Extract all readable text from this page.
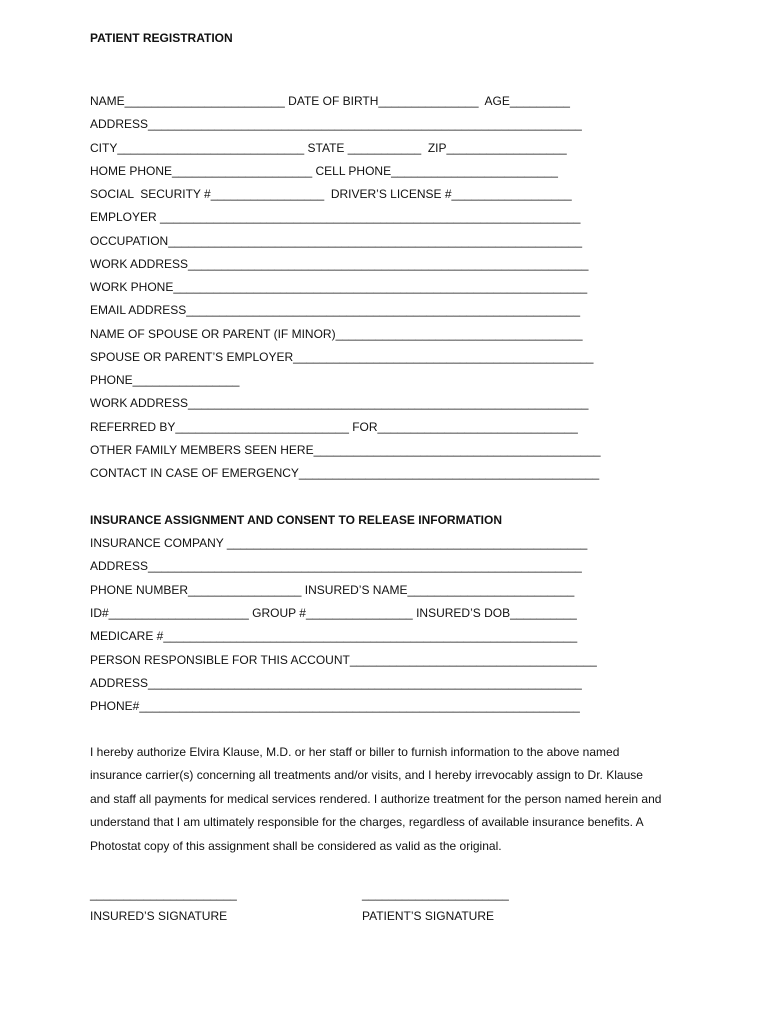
PATIENT REGISTRATION
NAME________________________ DATE OF BIRTH_______________  AGE_________
ADDRESS_________________________________________________________________
CITY____________________________ STATE ___________  ZIP__________________
HOME PHONE_____________________ CELL PHONE_________________________
SOCIAL  SECURITY #_________________  DRIVER’S LICENSE #__________________
EMPLOYER _______________________________________________________________
OCCUPATION______________________________________________________________
WORK ADDRESS____________________________________________________________
WORK PHONE______________________________________________________________
EMAIL ADDRESS___________________________________________________________
NAME OF SPOUSE OR PARENT (IF MINOR)_____________________________________
SPOUSE OR PARENT’S EMPLOYER_____________________________________________
PHONE________________
WORK ADDRESS____________________________________________________________
REFERRED BY__________________________ FOR______________________________
OTHER FAMILY MEMBERS SEEN HERE___________________________________________
CONTACT IN CASE OF EMERGENCY_____________________________________________
INSURANCE ASSIGNMENT AND CONSENT TO RELEASE INFORMATION
INSURANCE COMPANY ______________________________________________________
ADDRESS_________________________________________________________________
PHONE NUMBER_________________ INSURED’S NAME_________________________
ID#_____________________ GROUP #________________ INSURED’S DOB__________
MEDICARE #______________________________________________________________
PERSON RESPONSIBLE FOR THIS ACCOUNT_____________________________________
ADDRESS_________________________________________________________________
PHONE#__________________________________________________________________
I hereby authorize Elvira Klause, M.D. or her staff or biller to furnish information to the above named
insurance carrier(s) concerning all treatments and/or visits, and I hereby irrevocably assign to Dr. Klause
and staff all payments for medical services rendered. I authorize treatment for the person named herein and
understand that I am ultimately responsible for the charges, regardless of available insurance benefits. A
Photostat copy of this assignment shall be considered as valid as the original.
______________________	______________________
INSURED’S SIGNATURE	PATIENT’S SIGNATURE
